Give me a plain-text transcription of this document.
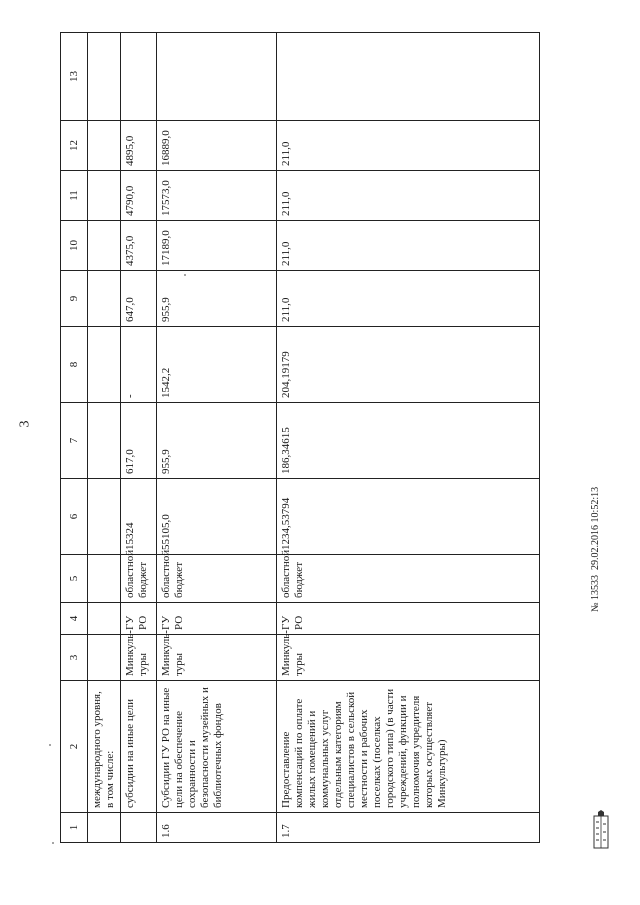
3
1	2	3	4	5	6	7	8	9	10	11	12	13
	международного уровня, в том числе:											
	субсидии на иные цели	Минкуль-туры	ГУ РО	областной бюджет	15324	617,0	-	647,0	4375,0	4790,0	4895,0	
1.6	Субсидии ГУ РО на иные цели на обеспечение сохранности и безопасности музейных и библиотечных фондов	Минкуль-туры	ГУ РО	областной бюджет	55105,0	955,9	1542,2	955,9	17189,0	17573,0	16889,0	
1.7	Предоставление компенсаций по оплате жилых помещений и коммунальных услуг отдельным категориям специалистов в сельской местности и рабочих поселках (поселках городского типа) (в части учреждений, функции и полномочия учредителя которых осуществляет Минкультуры)	Минкуль-туры	ГУ РО	областной бюджет	1234,53794	186,34615	204,19179	211,0	211,0	211,0	211,0	
№ 13533  29.02.2016 10:52:13
